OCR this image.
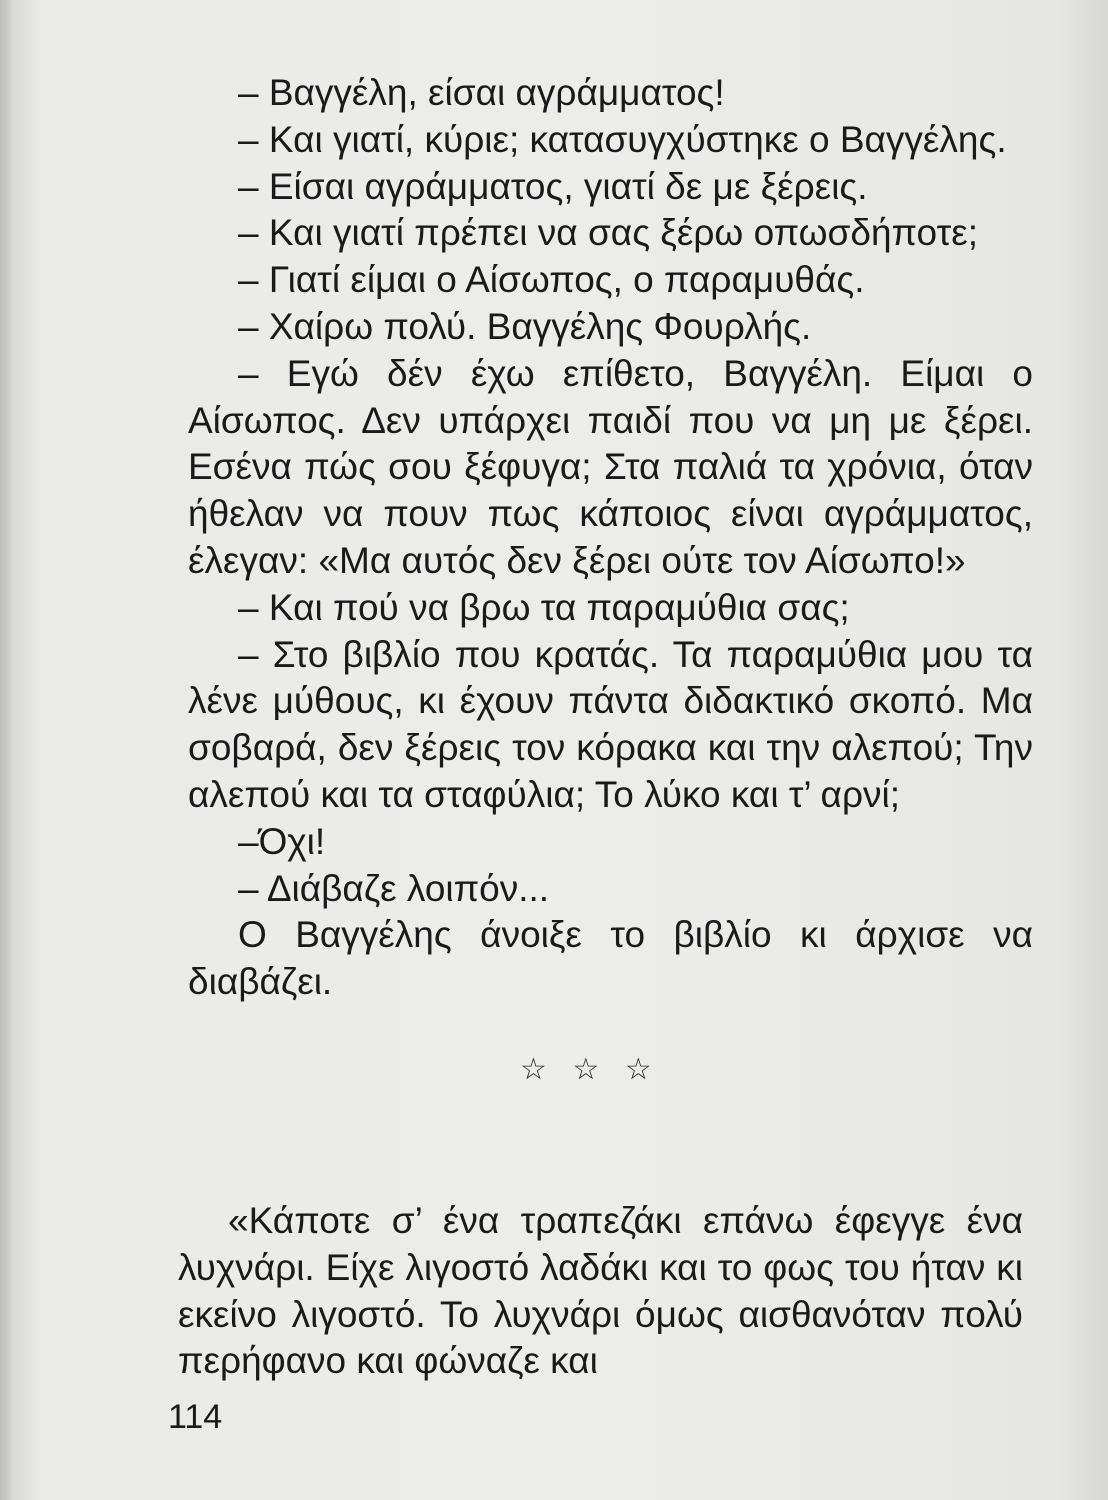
– Βαγγέλη, είσαι αγράμματος!

– Και γιατί, κύριε; κατασυγχύστηκε ο Βαγγέλης.

– Είσαι αγράμματος, γιατί δε με ξέρεις.

– Και γιατί πρέπει να σας ξέρω οπωσδήποτε;

– Γιατί είμαι ο Αίσωπος, ο παραμυθάς.

– Χαίρω πολύ. Βαγγέλης Φουρλής.

– Εγώ δέν έχω επίθετο, Βαγγέλη. Είμαι ο Αίσωπος. Δεν υπάρχει παιδί που να μη με ξέρει. Εσένα πώς σου ξέφυγα; Στα παλιά τα χρόνια, όταν ήθελαν να πουν πως κάποιος είναι αγράμματος, έλεγαν: «Μα αυτός δεν ξέρει ούτε τον Αίσωπο!»

– Και πού να βρω τα παραμύθια σας;

– Στο βιβλίο που κρατάς. Τα παραμύθια μου τα λένε μύθους, κι έχουν πάντα διδακτικό σκοπό. Μα σοβαρά, δεν ξέρεις τον κόρακα και την αλεπού; Την αλεπού και τα σταφύλια; Το λύκο και τ’ αρνί;

–Όχι!

– Διάβαζε λοιπόν...

Ο Βαγγέλης άνοιξε το βιβλίο κι άρχισε να διαβάζει.

☆ ☆ ☆

«Κάποτε σ’ ένα τραπεζάκι επάνω έφεγγε ένα λυχνάρι. Είχε λιγοστό λαδάκι και το φως του ήταν κι εκείνο λιγοστό. Το λυχνάρι όμως αισθανόταν πολύ περήφανο και φώναζε και

114
